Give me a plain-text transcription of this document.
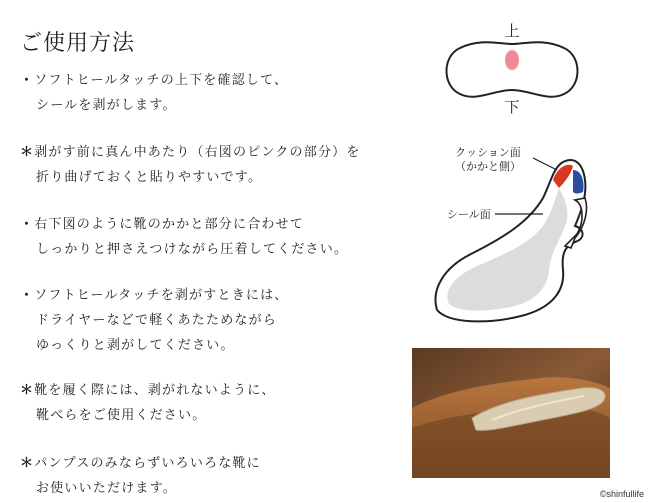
ご使用方法
・ソフトヒールタッチの上下を確認して、
シールを剥がします。
＊剥がす前に真ん中あたり（右図のピンクの部分）を
折り曲げておくと貼りやすいです。
・右下図のように靴のかかと部分に合わせて
しっかりと押さえつけながら圧着してください。
・ソフトヒールタッチを剥がすときには、
ドライヤーなどで軽くあたためながら
ゆっくりと剥がしてください。
＊靴を履く際には、剥がれないように、
靴べらをご使用ください。
＊パンプスのみならずいろいろな靴に
お使いいただけます。
上
下
クッション面
（かかと側）
シール面
©shinfullife
